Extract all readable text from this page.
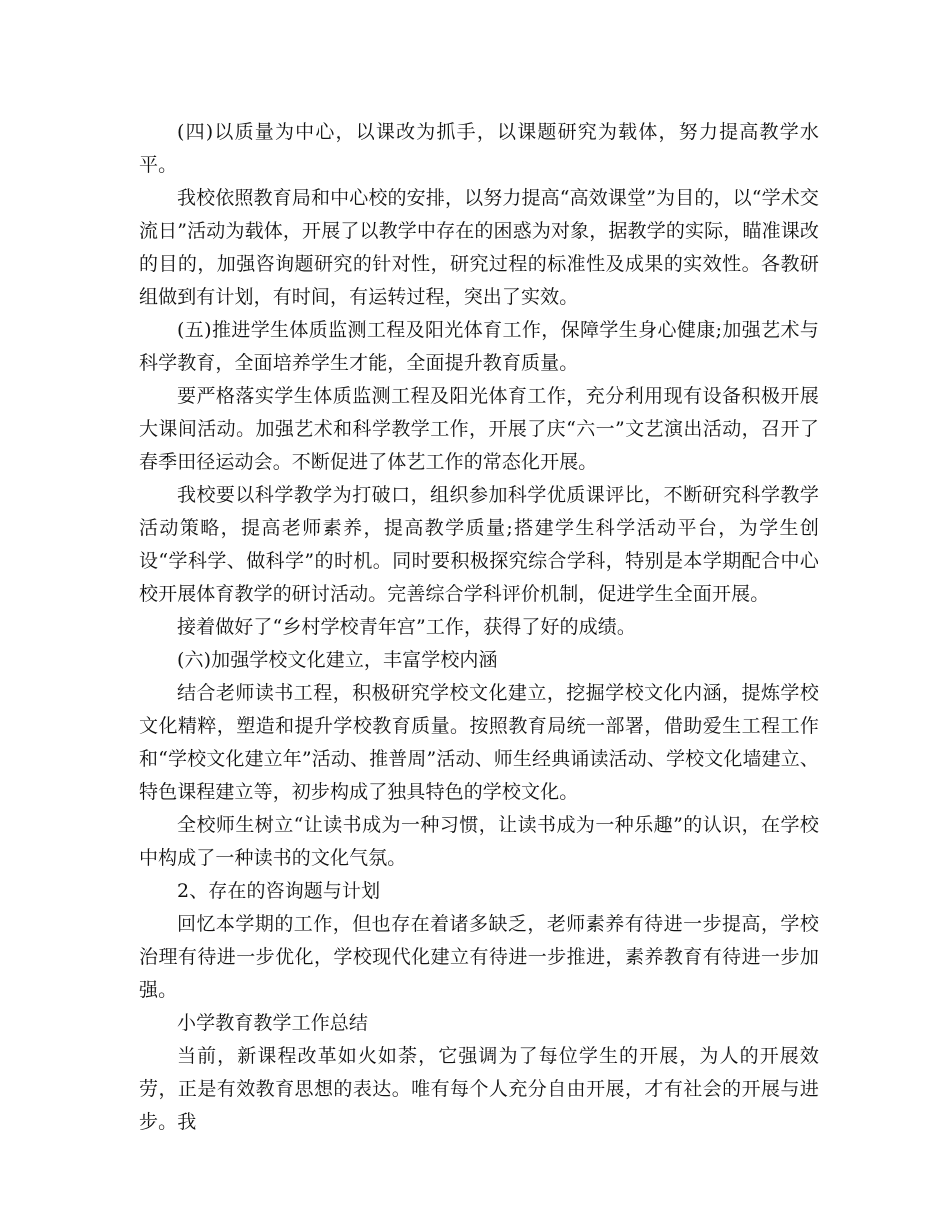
(四)以质量为中心，以课改为抓手，以课题研究为载体，努力提高教学水平。

我校依照教育局和中心校的安排，以努力提高“高效课堂”为目的，以“学术交流日”活动为载体，开展了以教学中存在的困惑为对象，据教学的实际，瞄准课改的目的，加强咨询题研究的针对性，研究过程的标准性及成果的实效性。各教研组做到有计划，有时间，有运转过程，突出了实效。

(五)推进学生体质监测工程及阳光体育工作，保障学生身心健康;加强艺术与科学教育，全面培养学生才能，全面提升教育质量。

要严格落实学生体质监测工程及阳光体育工作，充分利用现有设备积极开展大课间活动。加强艺术和科学教学工作，开展了庆“六一”文艺演出活动，召开了春季田径运动会。不断促进了体艺工作的常态化开展。

我校要以科学教学为打破口，组织参加科学优质课评比，不断研究科学教学活动策略，提高老师素养，提高教学质量;搭建学生科学活动平台，为学生创设“学科学、做科学”的时机。同时要积极探究综合学科，特别是本学期配合中心校开展体育教学的研讨活动。完善综合学科评价机制，促进学生全面开展。

接着做好了“乡村学校青年宫”工作，获得了好的成绩。

(六)加强学校文化建立，丰富学校内涵

结合老师读书工程，积极研究学校文化建立，挖掘学校文化内涵，提炼学校文化精粹，塑造和提升学校教育质量。按照教育局统一部署，借助爱生工程工作和“学校文化建立年”活动、推普周”活动、师生经典诵读活动、学校文化墙建立、特色课程建立等，初步构成了独具特色的学校文化。

全校师生树立“让读书成为一种习惯，让读书成为一种乐趣”的认识，在学校中构成了一种读书的文化气氛。

2、存在的咨询题与计划

回忆本学期的工作，但也存在着诸多缺乏，老师素养有待进一步提高，学校治理有待进一步优化，学校现代化建立有待进一步推进，素养教育有待进一步加强。

小学教育教学工作总结

当前，新课程改革如火如荼，它强调为了每位学生的开展，为人的开展效劳，正是有效教育思想的表达。唯有每个人充分自由开展，才有社会的开展与进步。我
